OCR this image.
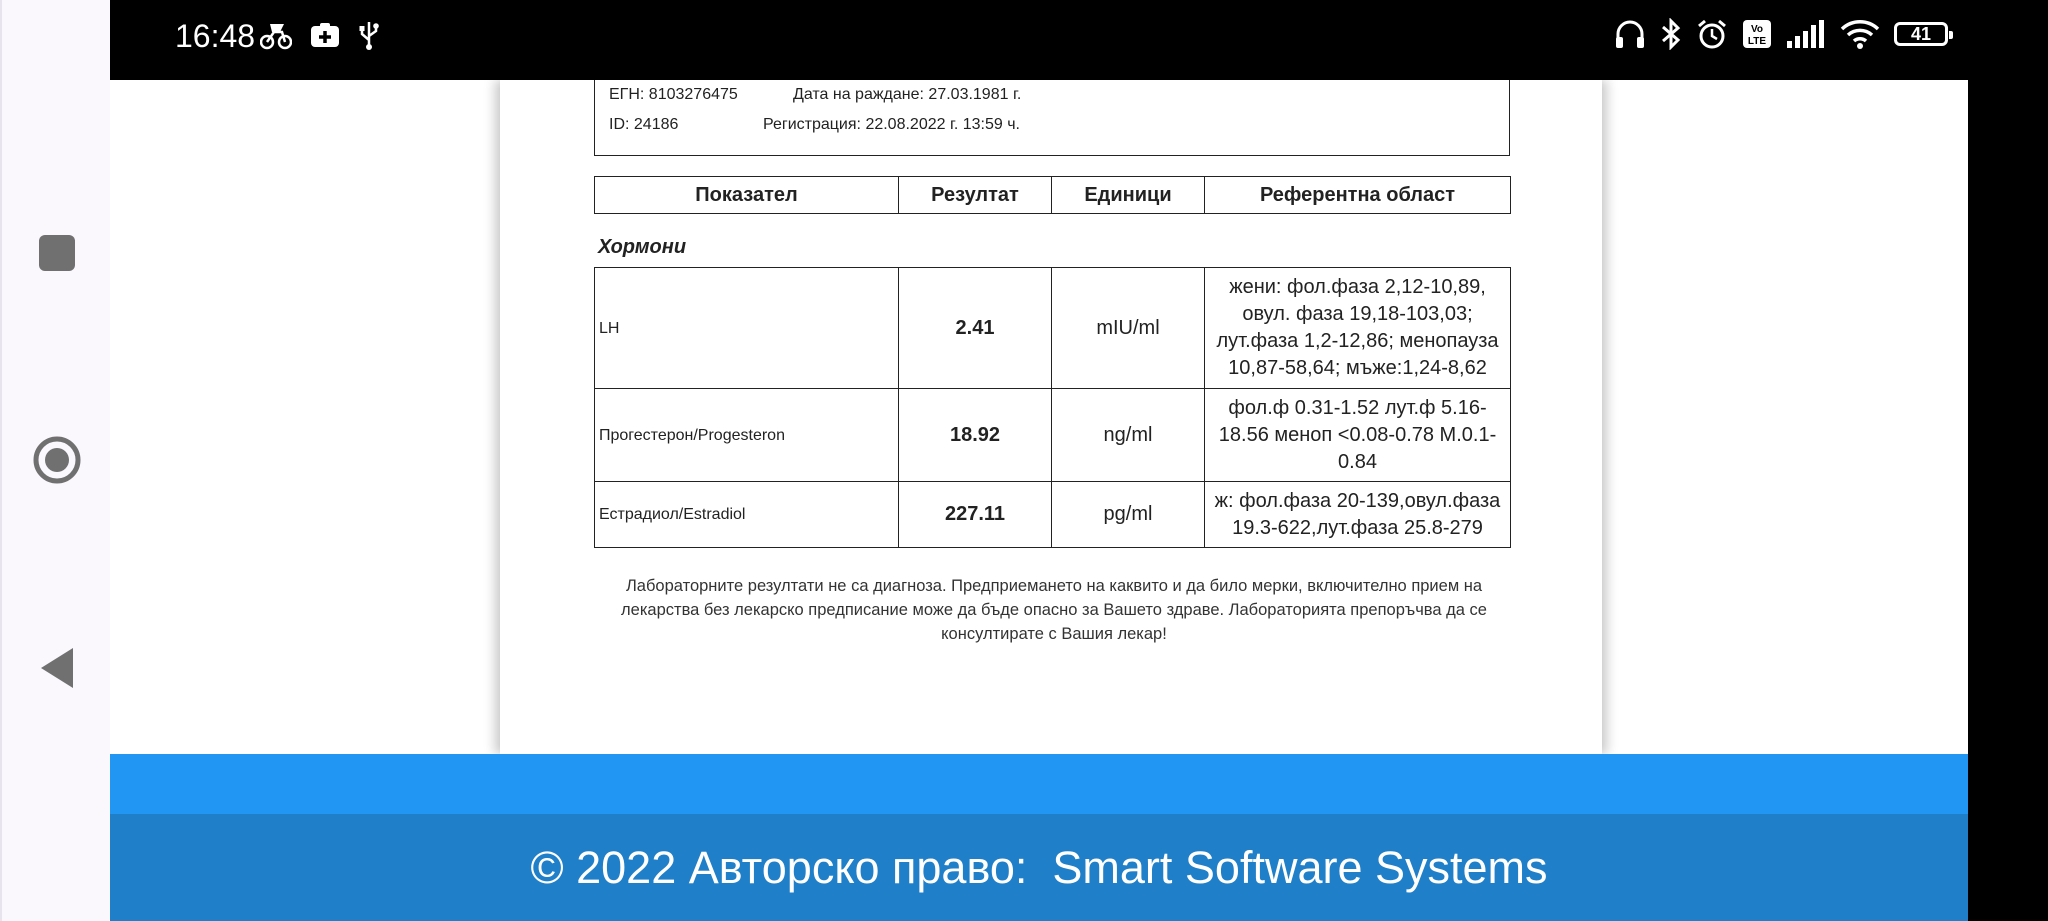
16:48	Vo
LTE	41
ЕГН: 8103276475	Дата на раждане: 27.03.1981 г.
ID: 24186	Регистрация: 22.08.2022 г. 13:59 ч.
Показател	Резултат	Единици	Референтна област
Хормони
LH	2.41	mIU/ml	жени: фол.фаза 2,12-10,89, овул. фаза 19,18-103,03; лут.фаза 1,2-12,86; менопауза 10,87-58,64; мъже:1,24-8,62
Прогестерон/Progesteron	18.92	ng/ml	фол.ф 0.31-1.52 лут.ф 5.16-18.56 меноп <0.08-0.78 М.0.1-0.84
Естрадиол/Estradiol	227.11	pg/ml	ж: фол.фаза 20-139,овул.фаза 19.3-622,лут.фаза 25.8-279
Лабораторните резултати не са диагноза. Предприемането на каквито и да било мерки, включително прием на лекарства без лекарско предписание може да бъде опасно за Вашето здраве. Лабораторията препоръчва да се консултирате с Вашия лекар!
© 2022 Авторско право:  Smart Software Systems
